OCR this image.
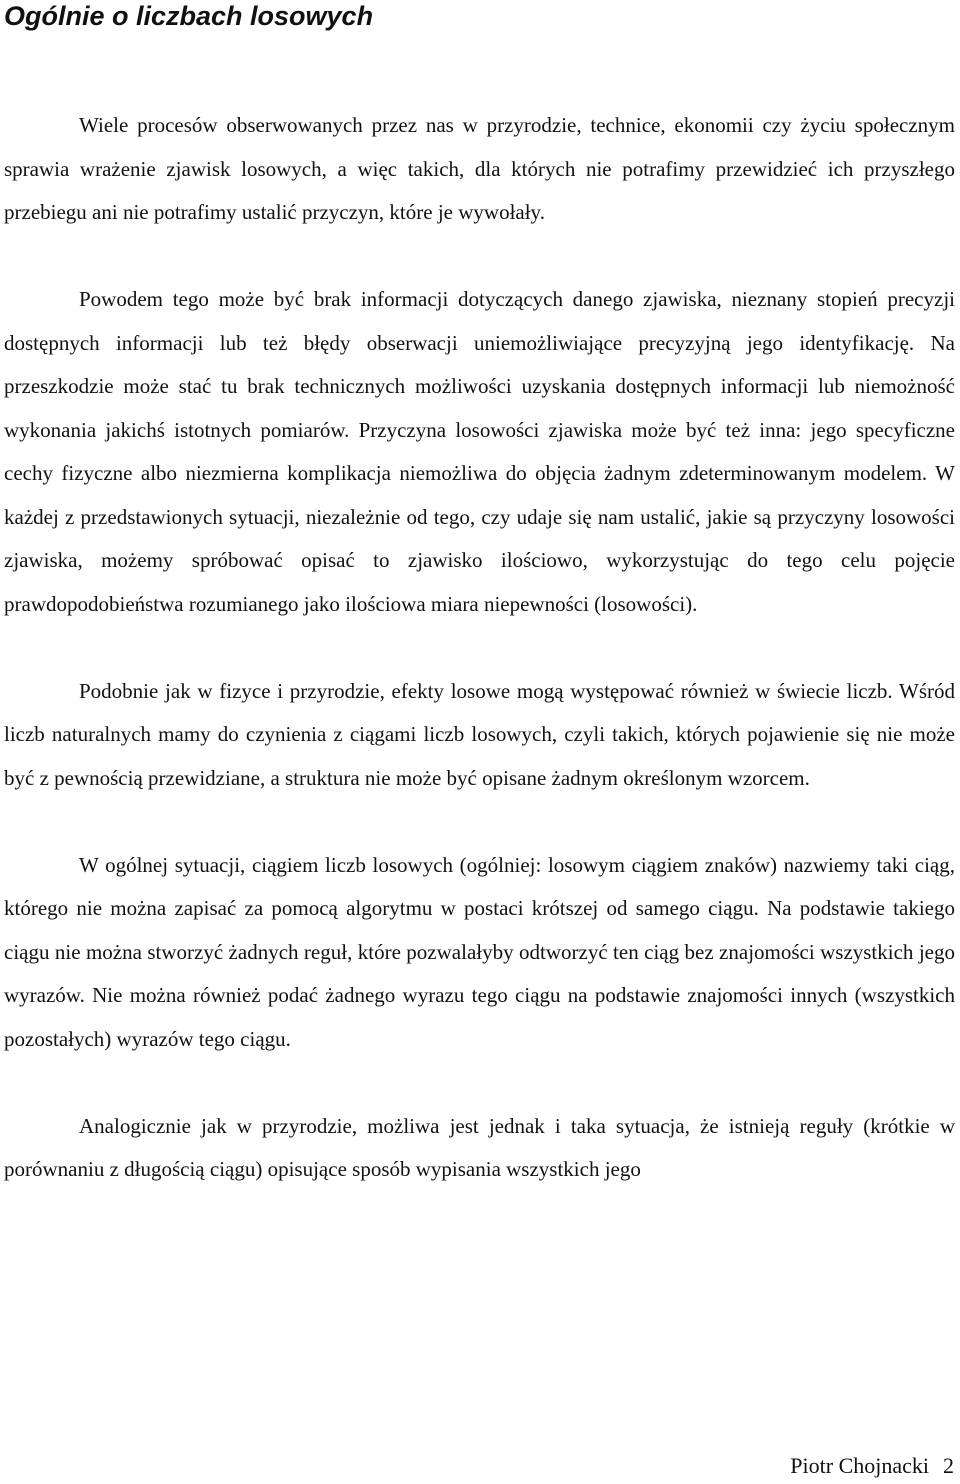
Ogólnie o liczbach losowych

Wiele procesów obserwowanych przez nas w przyrodzie, technice, ekonomii czy życiu społecznym sprawia wrażenie zjawisk losowych, a więc takich, dla których nie potrafimy przewidzieć ich przyszłego przebiegu ani nie potrafimy ustalić przyczyn, które je wywołały.

Powodem tego może być brak informacji dotyczących danego zjawiska, nieznany stopień precyzji dostępnych informacji lub też błędy obserwacji uniemożliwiające precyzyjną jego identyfikację. Na przeszkodzie może stać tu brak technicznych możliwości uzyskania dostępnych informacji lub niemożność wykonania jakichś istotnych pomiarów. Przyczyna losowości zjawiska może być też inna: jego specyficzne cechy fizyczne albo niezmierna komplikacja niemożliwa do objęcia żadnym zdeterminowanym modelem. W każdej z przedstawionych sytuacji, niezależnie od tego, czy udaje się nam ustalić, jakie są przyczyny losowości zjawiska, możemy spróbować opisać to zjawisko ilościowo, wykorzystując do tego celu pojęcie prawdopodobieństwa rozumianego jako ilościowa miara niepewności (losowości).

Podobnie jak w fizyce i przyrodzie, efekty losowe mogą występować również w świecie liczb. Wśród liczb naturalnych mamy do czynienia z ciągami liczb losowych, czyli takich, których pojawienie się nie może być z pewnością przewidziane, a struktura nie może być opisane żadnym określonym wzorcem.

W ogólnej sytuacji, ciągiem liczb losowych (ogólniej: losowym ciągiem znaków) nazwiemy taki ciąg, którego nie można zapisać za pomocą algorytmu w postaci krótszej od samego ciągu. Na podstawie takiego ciągu nie można stworzyć żadnych reguł, które pozwalałyby odtworzyć ten ciąg bez znajomości wszystkich jego wyrazów. Nie można również podać żadnego wyrazu tego ciągu na podstawie znajomości innych (wszystkich pozostałych) wyrazów tego ciągu.

Analogicznie jak w przyrodzie, możliwa jest jednak i taka sytuacja, że istnieją reguły (krótkie w porównaniu z długością ciągu) opisujące sposób wypisania wszystkich jego

Piotr Chojnacki 2
